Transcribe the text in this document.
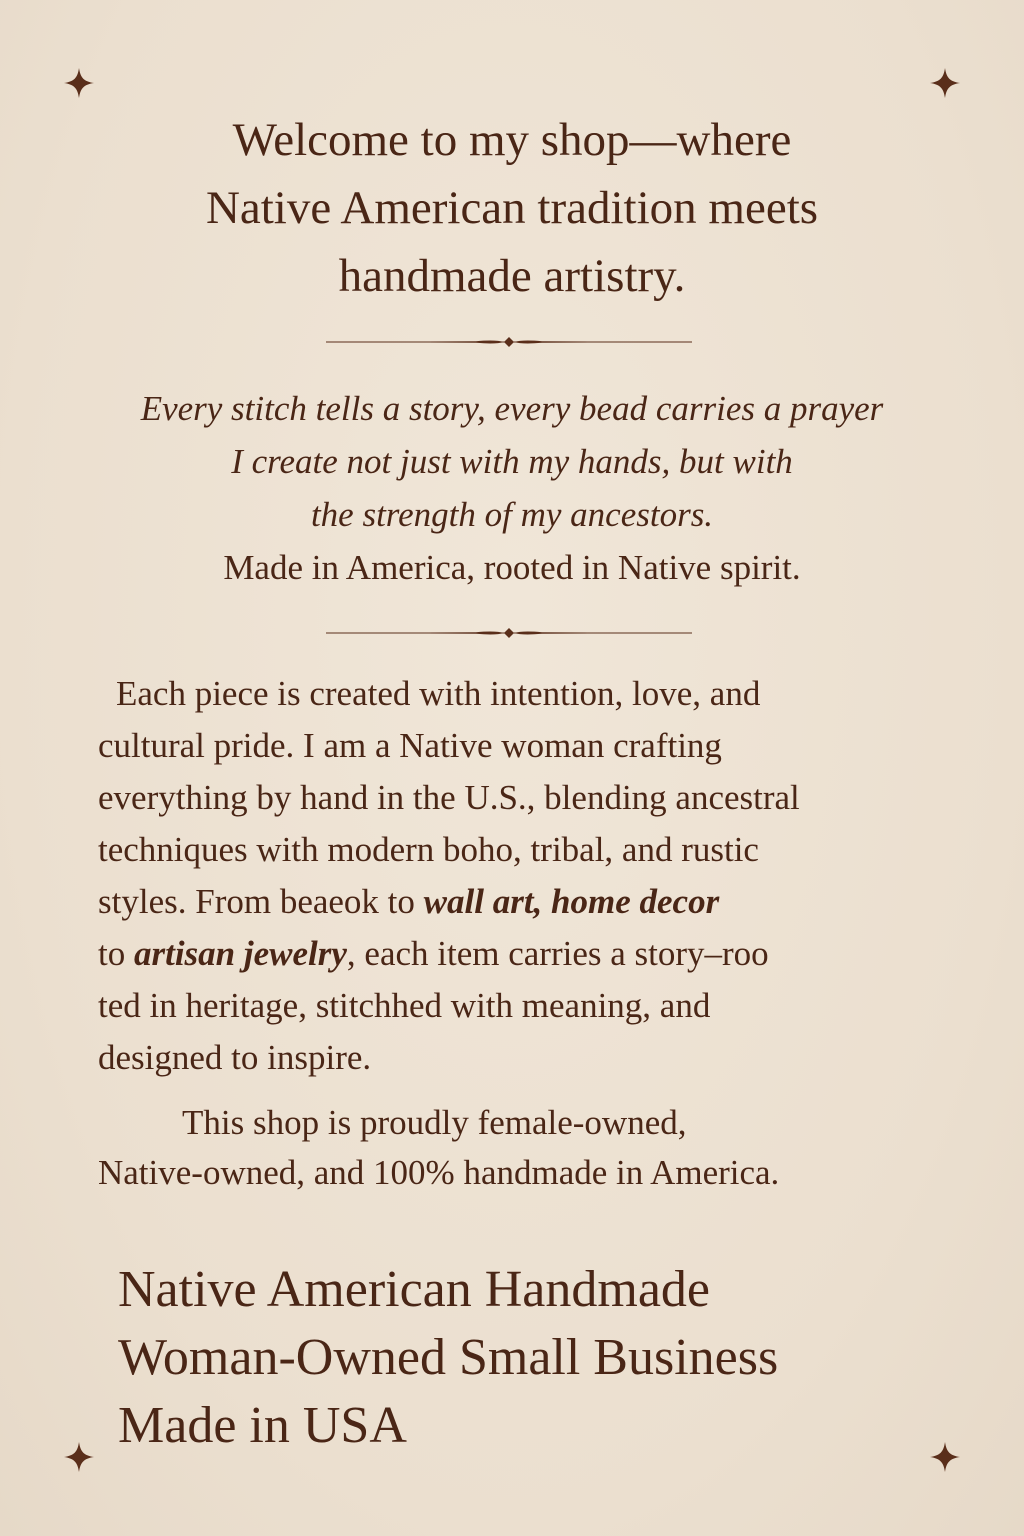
Welcome to my shop—where
Native American tradition meets
handmade artistry.
Every stitch tells a story, every bead carries a prayer
I create not just with my hands, but with
the strength of my ancestors.
Made in America, rooted in Native spirit.
Each piece is created with intention, love, and
cultural pride. I am a Native woman crafting
everything by hand in the U.S., blending ancestral
techniques with modern boho, tribal, and rustic
styles. From beaeok to wall art, home decor
to artisan jewelry, each item carries a story–roo
ted in heritage, stitchhed with meaning, and
designed to inspire.
This shop is proudly female-owned,
Native-owned, and 100% handmade in America.
Native American Handmade
Woman-Owned Small Business
Made in USA
